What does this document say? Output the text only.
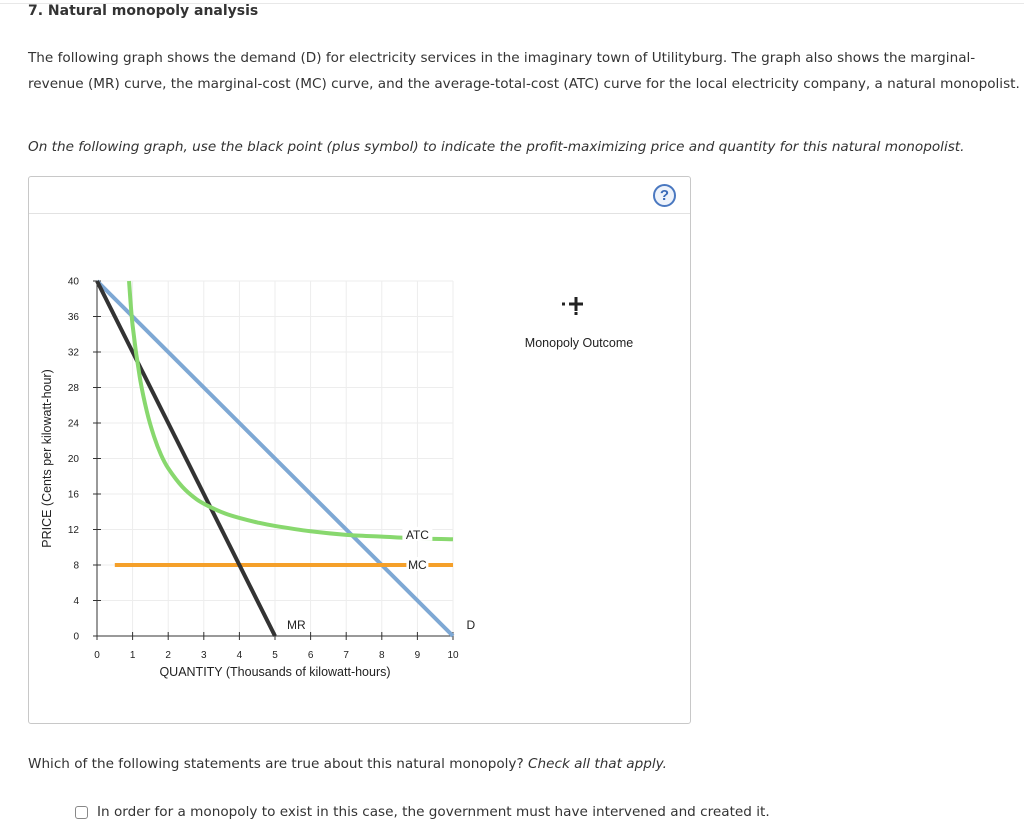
7. Natural monopoly analysis
The following graph shows the demand (D) for electricity services in the imaginary town of Utilityburg. The graph also shows the marginal-revenue (MR) curve, the marginal-cost (MC) curve, and the average-total-cost (ATC) curve for the local electricity company, a natural monopolist.
On the following graph, use the black point (plus symbol) to indicate the profit-maximizing price and quantity for this natural monopolist.
?
0
4
8
12
16
20
24
28
32
36
40
0	1	2	3	4	5	6	7	8	9	10
QUANTITY (Thousands of kilowatt-hours)
PRICE (Cents per kilowatt-hour)	ATC
MC
MR	D
Monopoly Outcome
Which of the following statements are true about this natural monopoly? Check all that apply.
In order for a monopoly to exist in this case, the government must have intervened and created it.
